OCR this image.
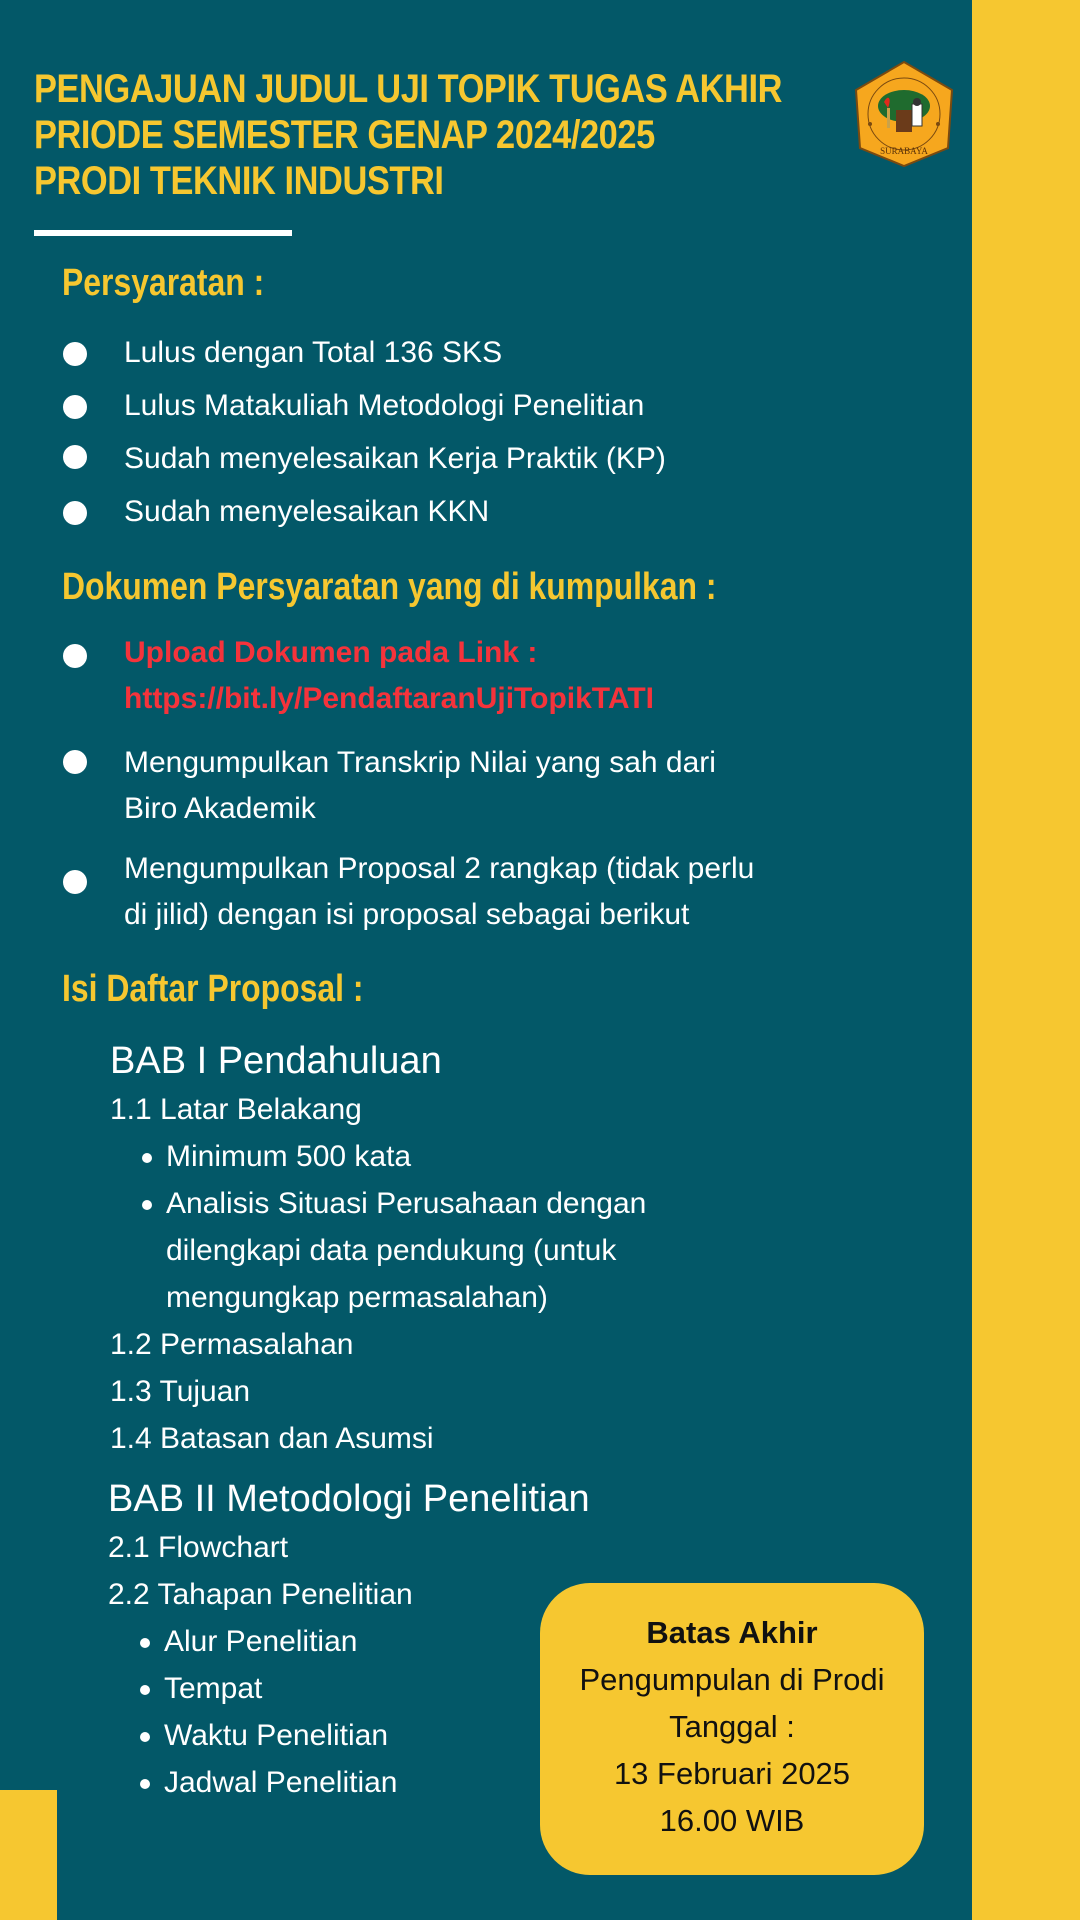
PENGAJUAN JUDUL UJI TOPIK TUGAS AKHIR
PRIODE SEMESTER GENAP 2024/2025
PRODI TEKNIK INDUSTRI
SURABAYA
Persyaratan :
Lulus dengan Total 136 SKS
Lulus Matakuliah Metodologi Penelitian
Sudah menyelesaikan Kerja Praktik (KP)
Sudah menyelesaikan KKN
Dokumen Persyaratan yang di kumpulkan :
Upload Dokumen pada Link :
https://bit.ly/PendaftaranUjiTopikTATI
Mengumpulkan Transkrip Nilai yang sah dari
Biro Akademik
Mengumpulkan Proposal 2 rangkap (tidak perlu
di jilid) dengan isi proposal sebagai berikut
Isi Daftar Proposal :
BAB I Pendahuluan
1.1 Latar Belakang
Minimum 500 kata
Analisis Situasi Perusahaan dengan
dilengkapi data pendukung (untuk
mengungkap permasalahan)
1.2 Permasalahan
1.3 Tujuan
1.4 Batasan dan Asumsi
BAB II Metodologi Penelitian
2.1 Flowchart
2.2 Tahapan Penelitian
Alur Penelitian
Tempat
Waktu Penelitian
Jadwal Penelitian
Batas Akhir
Pengumpulan di Prodi
Tanggal :
13 Februari 2025
16.00 WIB
